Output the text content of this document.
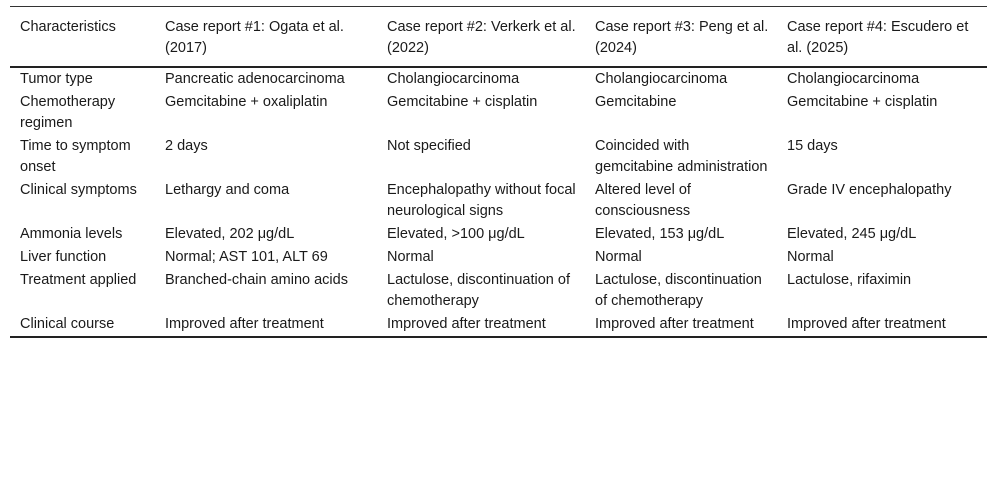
Characteristics	Case report #1: Ogata et al. (2017)	Case report #2: Verkerk et al. (2022)	Case report #3: Peng et al. (2024)	Case report #4: Escudero et al. (2025)
Tumor type	Pancreatic adenocarcinoma	Cholangiocarcinoma	Cholangiocarcinoma	Cholangiocarcinoma
Chemotherapy regimen	Gemcitabine + oxaliplatin	Gemcitabine + cisplatin	Gemcitabine	Gemcitabine + cisplatin
Time to symptom onset	2 days	Not specified	Coincided with gemcitabine administration	15 days
Clinical symptoms	Lethargy and coma	Encephalopathy without focal neurological signs	Altered level of consciousness	Grade IV encephalopathy
Ammonia levels	Elevated, 202 μg/dL	Elevated, >100 μg/dL	Elevated, 153 μg/dL	Elevated, 245 μg/dL
Liver function	Normal; AST 101, ALT 69	Normal	Normal	Normal
Treatment applied	Branched-chain amino acids	Lactulose, discontinuation of chemotherapy	Lactulose, discontinuation of chemotherapy	Lactulose, rifaximin
Clinical course	Improved after treatment	Improved after treatment	Improved after treatment	Improved after treatment
